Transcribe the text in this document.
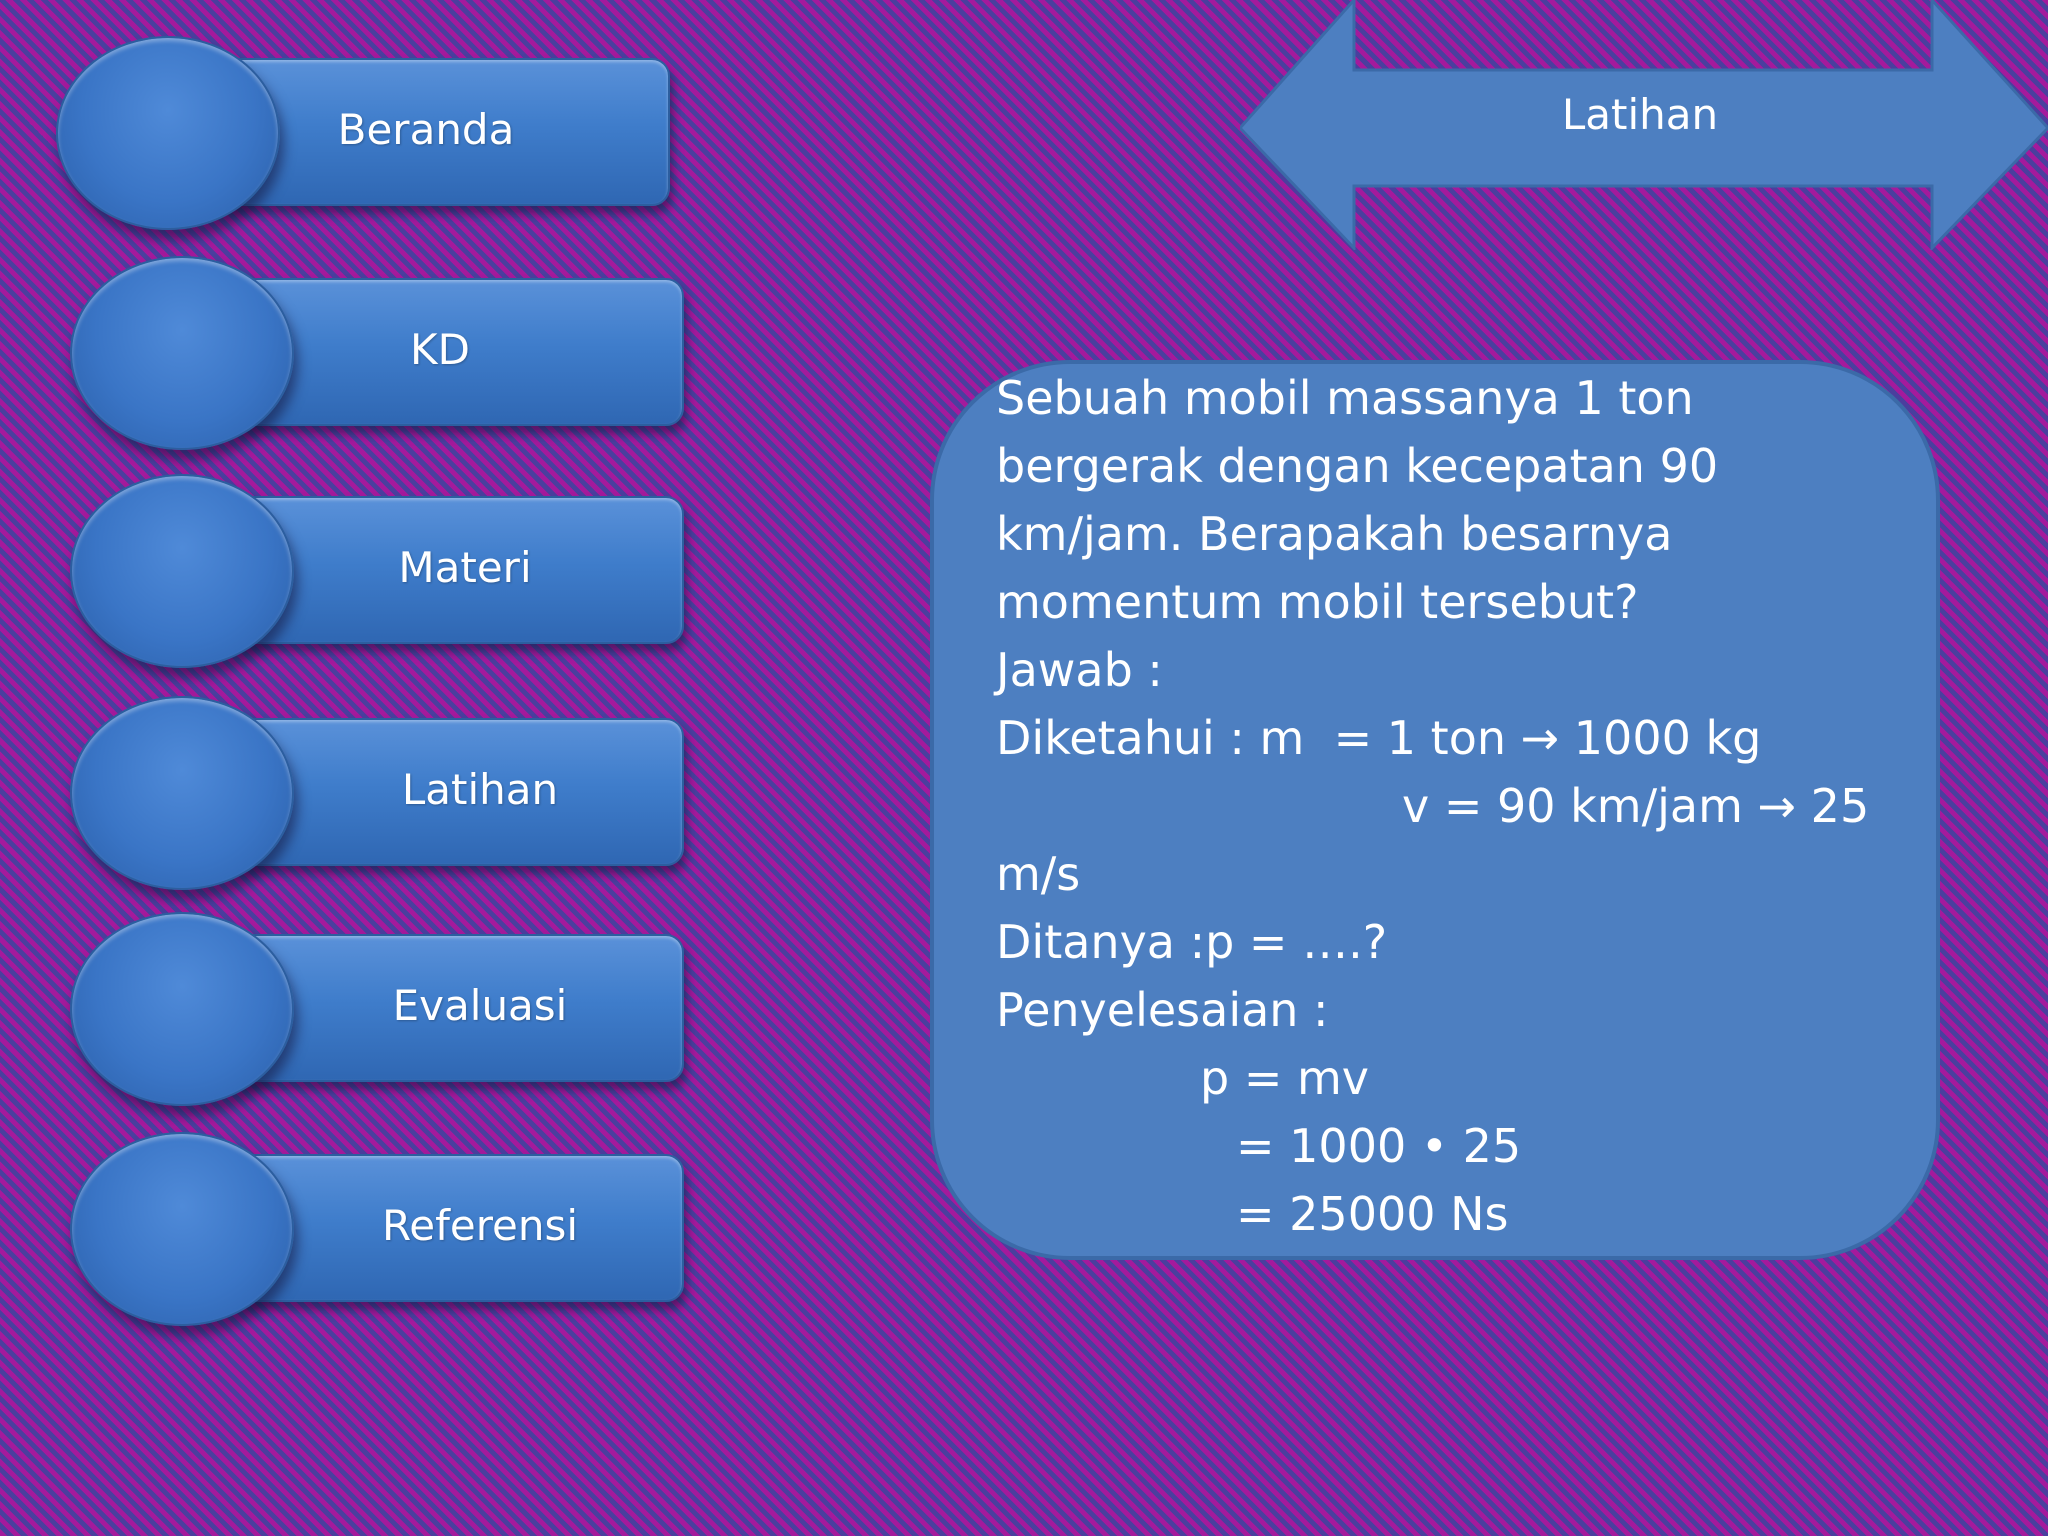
Beranda
KD
Materi
Latihan
Evaluasi
Referensi
Latihan
Sebuah mobil massanya 1 ton
bergerak dengan kecepatan 90
km/jam. Berapakah besarnya
momentum mobil tersebut?
Jawab :
Diketahui : m  = 1 ton → 1000 kg
v = 90 km/jam → 25
m/s
Ditanya :p = ….?
Penyelesaian :
p = mv
= 1000 • 25
= 25000 Ns
